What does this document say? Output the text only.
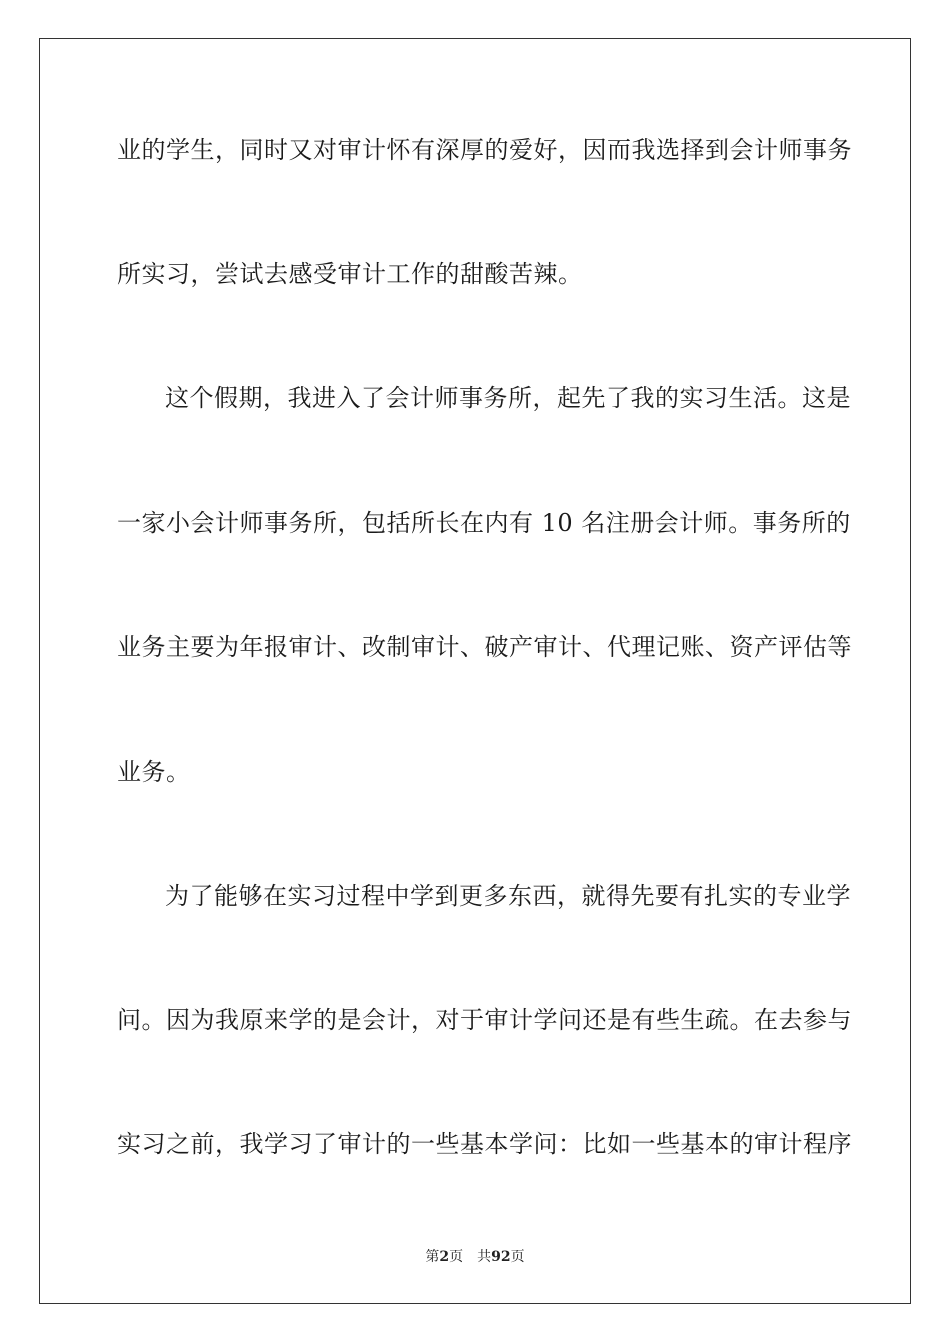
业的学生，同时又对审计怀有深厚的爱好，因而我选择到会计师事务
所实习，尝试去感受审计工作的甜酸苦辣。
这个假期，我进入了会计师事务所，起先了我的实习生活。这是
一家小会计师事务所，包括所长在内有 10 名注册会计师。事务所的
业务主要为年报审计、改制审计、破产审计、代理记账、资产评估等
业务。
为了能够在实习过程中学到更多东西，就得先要有扎实的专业学
问。因为我原来学的是会计，对于审计学问还是有些生疏。在去参与
实习之前，我学习了审计的一些基本学问：比如一些基本的审计程序
第2页 共92页
